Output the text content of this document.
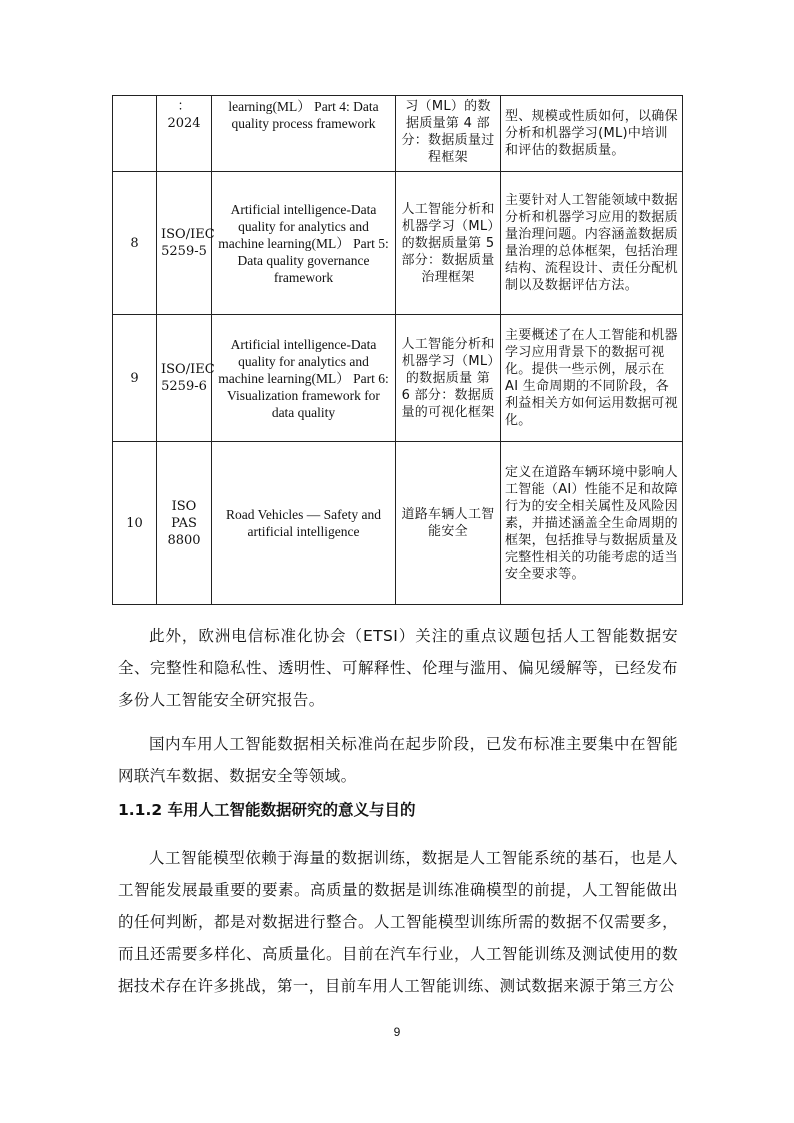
	：2024	learning(ML） Part 4: Data quality process framework	习（ML）的数据质量第 4 部分：数据质量过程框架	型、规模或性质如何，以确保分析和机器学习(ML)中培训和评估的数据质量。
8	ISO/IEC 5259-5	Artificial intelligence-Data quality for analytics and machine learning(ML） Part 5: Data quality governance framework	人工智能分析和机器学习（ML）的数据质量第 5 部分：数据质量治理框架	主要针对人工智能领域中数据分析和机器学习应用的数据质量治理问题。内容涵盖数据质量治理的总体框架，包括治理结构、流程设计、责任分配机制以及数据评估方法。
9	ISO/IEC 5259-6	Artificial intelligence-Data quality for analytics and machine learning(ML） Part 6: Visualization framework for data quality	人工智能分析和机器学习（ML）的数据质量 第 6 部分：数据质量的可视化框架	主要概述了在人工智能和机器学习应用背景下的数据可视化。提供一些示例，展示在 AI 生命周期的不同阶段，各利益相关方如何运用数据可视化。
10	ISO PAS 8800	Road Vehicles — Safety and artificial intelligence	道路车辆人工智能安全	定义在道路车辆环境中影响人工智能（AI）性能不足和故障行为的安全相关属性及风险因素，并描述涵盖全生命周期的框架，包括推导与数据质量及完整性相关的功能考虑的适当安全要求等。

此外，欧洲电信标准化协会（ETSI）关注的重点议题包括人工智能数据安全、完整性和隐私性、透明性、可解释性、伦理与滥用、偏见缓解等，已经发布多份人工智能安全研究报告。

国内车用人工智能数据相关标准尚在起步阶段，已发布标准主要集中在智能网联汽车数据、数据安全等领域。

1.1.2 车用人工智能数据研究的意义与目的

人工智能模型依赖于海量的数据训练，数据是人工智能系统的基石，也是人工智能发展最重要的要素。高质量的数据是训练准确模型的前提，人工智能做出的任何判断，都是对数据进行整合。人工智能模型训练所需的数据不仅需要多，而且还需要多样化、高质量化。目前在汽车行业，人工智能训练及测试使用的数据技术存在许多挑战，第一，目前车用人工智能训练、测试数据来源于第三方公

9
